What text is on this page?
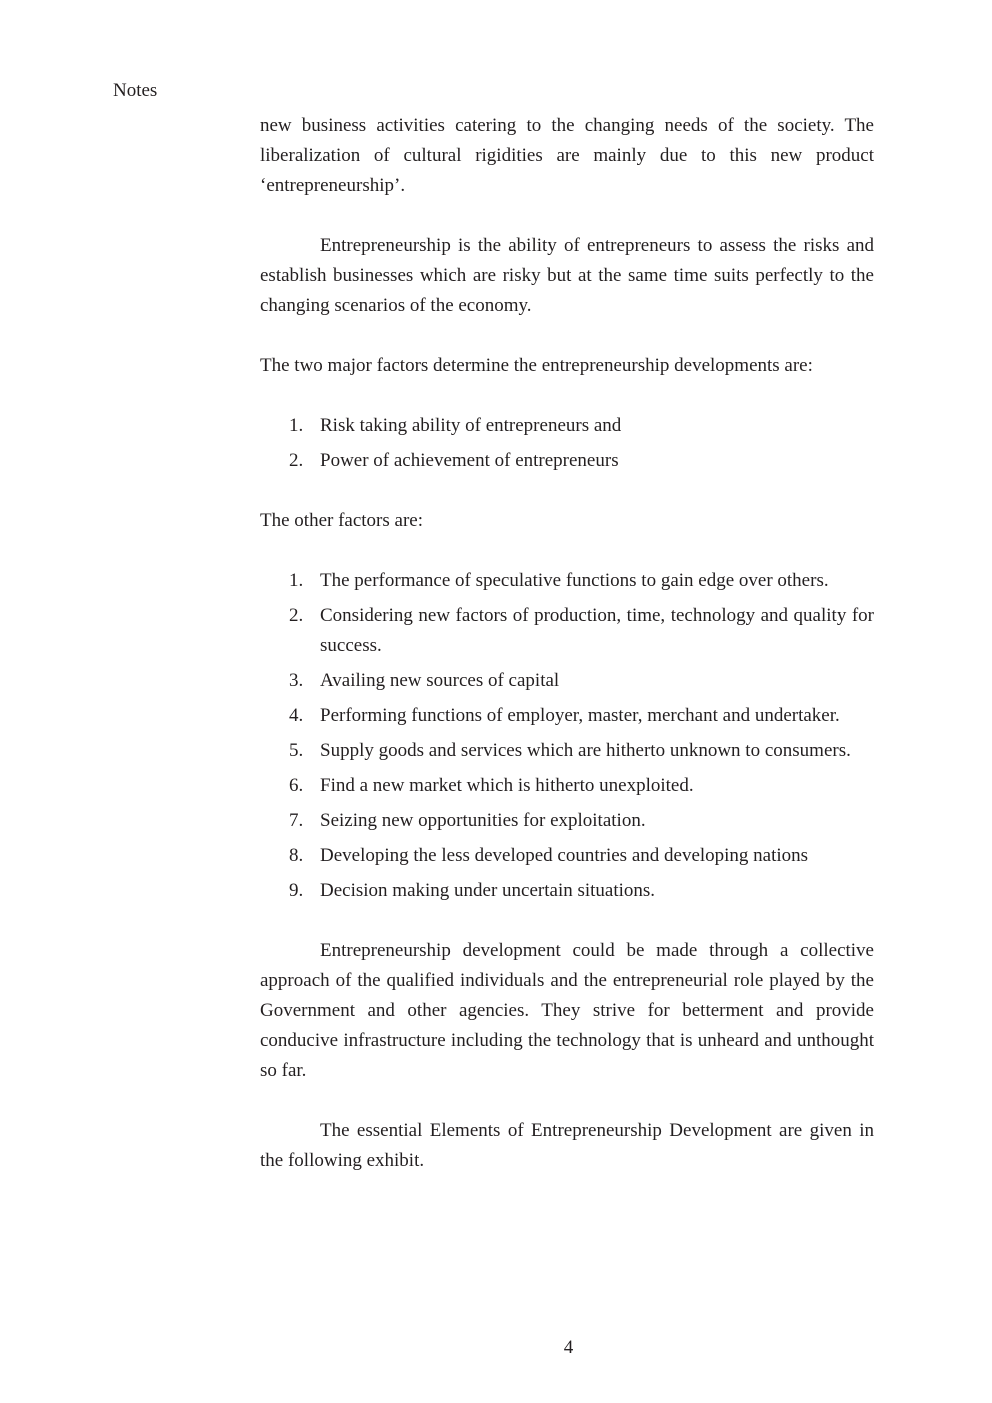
Notes

new business activities catering to the changing needs of the society. The liberalization of cultural rigidities are mainly due to this new product ‘entrepreneurship’.

Entrepreneurship is the ability of entrepreneurs to assess the risks and establish businesses which are risky but at the same time suits perfectly to the changing scenarios of the economy.

The two major factors determine the entrepreneurship developments are:

1. Risk taking ability of entrepreneurs and
2. Power of achievement of entrepreneurs

The other factors are:

1. The performance of speculative functions to gain edge over others.
2. Considering new factors of production, time, technology and quality for success.
3. Availing new sources of capital
4. Performing functions of employer, master, merchant and undertaker.
5. Supply goods and services which are hitherto unknown to consumers.
6. Find a new market which is hitherto unexploited.
7. Seizing new opportunities for exploitation.
8. Developing the less developed countries and developing nations
9. Decision making under uncertain situations.

Entrepreneurship development could be made through a collective approach of the qualified individuals and the entrepreneurial role played by the Government and other agencies. They strive for betterment and provide conducive infrastructure including the technology that is unheard and unthought so far.

The essential Elements of Entrepreneurship Development are given in the following exhibit.

4
